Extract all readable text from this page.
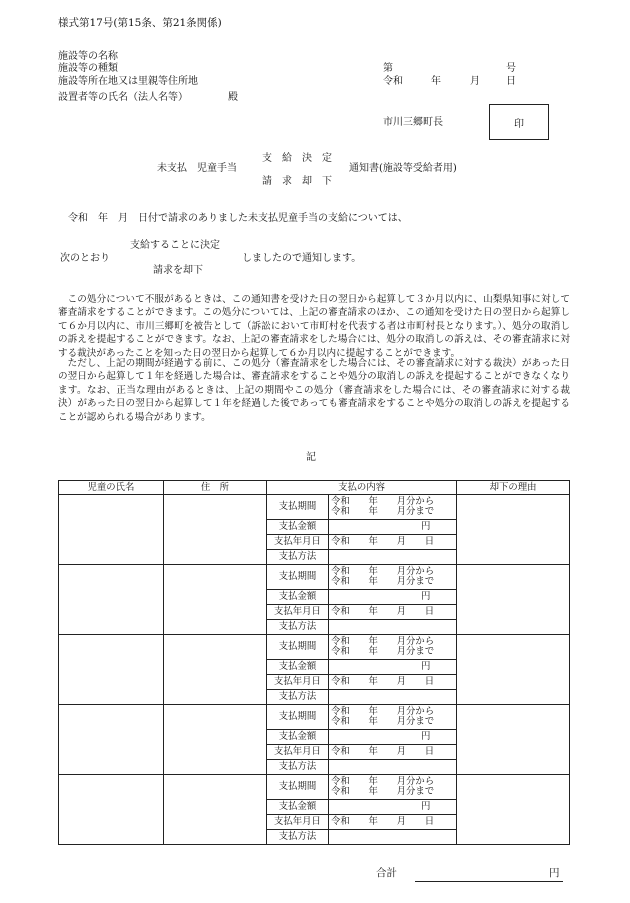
様式第17号(第15条、第21条関係)
施設等の名称
施設等の種類
施設等所在地又は里親等住所地
設置者等の氏名（法人名等）	殿
第	号
令和	年	月	日
市川三郷町長	印
未支払　児童手当
支　給　決　定
請　求　却　下
通知書(施設等受給者用)
令和　年　月　日付で請求のありました未支払児童手当の支給については、
支給することに決定
次のとおり	しましたので通知します。
請求を却下

この処分について不服があるときは、この通知書を受けた日の翌日から起算して３か月以内に、山梨県知事に対して審査請求をすることができます。この処分については、上記の審査請求のほか、この通知を受けた日の翌日から起算して６か月以内に、市川三郷町を被告として（訴訟において市町村を代表する者は市町村長となります。）、処分の取消しの訴えを提起することができます。なお、上記の審査請求をした場合には、処分の取消しの訴えは、その審査請求に対する裁決があったことを知った日の翌日から起算して６か月以内に提起することができます。

ただし、上記の期間が経過する前に、この処分（審査請求をした場合には、その審査請求に対する裁決）があった日の翌日から起算して１年を経過した場合は、審査請求をすることや処分の取消しの訴えを提起することができなくなります。なお、正当な理由があるときは、上記の期間やこの処分（審査請求をした場合には、その審査請求に対する裁決）があった日の翌日から起算して１年を経過した後であっても審査請求をすることや処分の取消しの訴えを提起することが認められる場合があります。

記
児童の氏名	住　所	支払の内容		却下の理由
		支払期間	令和　　年　　月分から
令和　　年　　月分まで	

		支払金額	円	
		支払年月日	令和　　年　　月　　日	
		支払方法		
		支払期間	令和　　年　　月分から
令和　　年　　月分まで	

		支払金額	円	
		支払年月日	令和　　年　　月　　日	
		支払方法		
		支払期間	令和　　年　　月分から
令和　　年　　月分まで	

		支払金額	円	
		支払年月日	令和　　年　　月　　日	
		支払方法		
		支払期間	令和　　年　　月分から
令和　　年　　月分まで	

		支払金額	円	
		支払年月日	令和　　年　　月　　日	
		支払方法		
		支払期間	令和　　年　　月分から
令和　　年　　月分まで	

		支払金額	円	
		支払年月日	令和　　年　　月　　日	
		支払方法		
合計	円
